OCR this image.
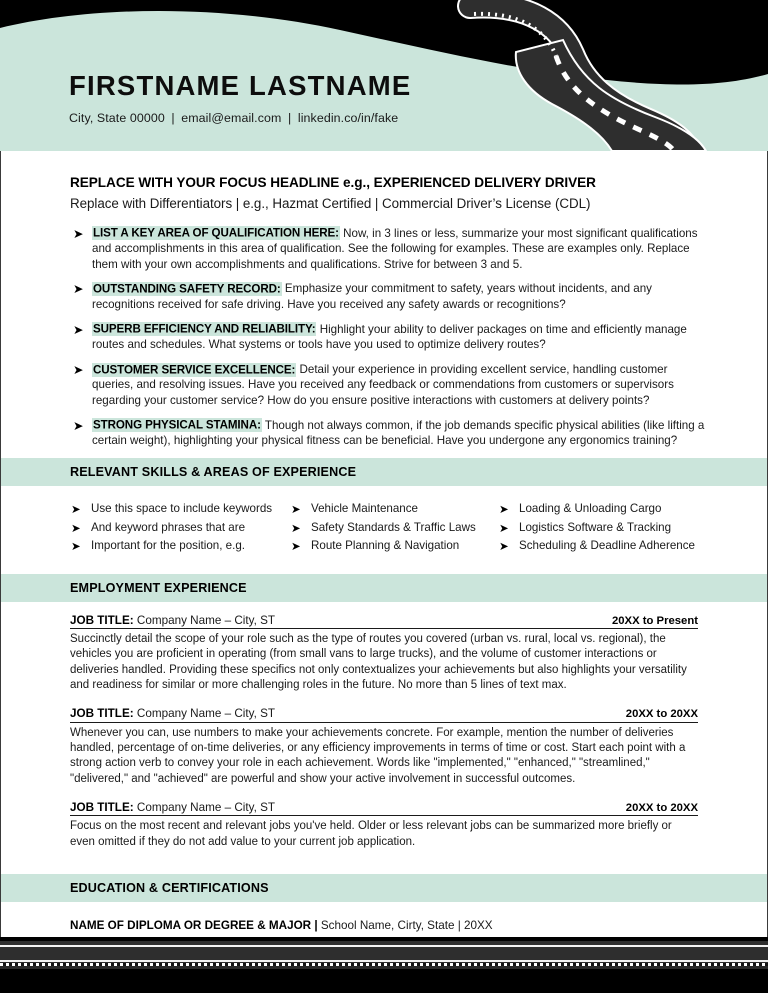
FIRSTNAME LASTNAME
City, State 00000 | email@email.com | linkedin.co/in/fake
REPLACE WITH YOUR FOCUS HEADLINE e.g., EXPERIENCED DELIVERY DRIVER
Replace with Differentiators | e.g., Hazmat Certified | Commercial Driver’s License (CDL)
➤ LIST A KEY AREA OF QUALIFICATION HERE: Now, in 3 lines or less, summarize your most significant qualifications and accomplishments in this area of qualification. See the following for examples. These are examples only. Replace them with your own accomplishments and qualifications. Strive for between 3 and 5.
➤ OUTSTANDING SAFETY RECORD: Emphasize your commitment to safety, years without incidents, and any recognitions received for safe driving. Have you received any safety awards or recognitions?
➤ SUPERB EFFICIENCY AND RELIABILITY: Highlight your ability to deliver packages on time and efficiently manage routes and schedules. What systems or tools have you used to optimize delivery routes?
➤ CUSTOMER SERVICE EXCELLENCE: Detail your experience in providing excellent service, handling customer queries, and resolving issues. Have you received any feedback or commendations from customers or supervisors regarding your customer service? How do you ensure positive interactions with customers at delivery points?
➤ STRONG PHYSICAL STAMINA: Though not always common, if the job demands specific physical abilities (like lifting a certain weight), highlighting your physical fitness can be beneficial. Have you undergone any ergonomics training?
RELEVANT SKILLS & AREAS OF EXPERIENCE
➤ Use this space to include keywords
➤ And keyword phrases that are
➤ Important for the position, e.g.
➤ Vehicle Maintenance
➤ Safety Standards & Traffic Laws
➤ Route Planning & Navigation
➤ Loading & Unloading Cargo
➤ Logistics Software & Tracking
➤ Scheduling & Deadline Adherence
EMPLOYMENT EXPERIENCE
JOB TITLE: Company Name – City, ST	20XX to Present
Succinctly detail the scope of your role such as the type of routes you covered (urban vs. rural, local vs. regional), the vehicles you are proficient in operating (from small vans to large trucks), and the volume of customer interactions or deliveries handled. Providing these specifics not only contextualizes your achievements but also highlights your versatility and readiness for similar or more challenging roles in the future. No more than 5 lines of text max.
JOB TITLE: Company Name – City, ST	20XX to 20XX
Whenever you can, use numbers to make your achievements concrete. For example, mention the number of deliveries handled, percentage of on-time deliveries, or any efficiency improvements in terms of time or cost. Start each point with a strong action verb to convey your role in each achievement. Words like "implemented," "enhanced," "streamlined," "delivered," and "achieved" are powerful and show your active involvement in successful outcomes.
JOB TITLE: Company Name – City, ST	20XX to 20XX
Focus on the most recent and relevant jobs you've held. Older or less relevant jobs can be summarized more briefly or even omitted if they do not add value to your current job application.
EDUCATION & CERTIFICATIONS
NAME OF DIPLOMA OR DEGREE & MAJOR | School Name, Cirty, State | 20XX
